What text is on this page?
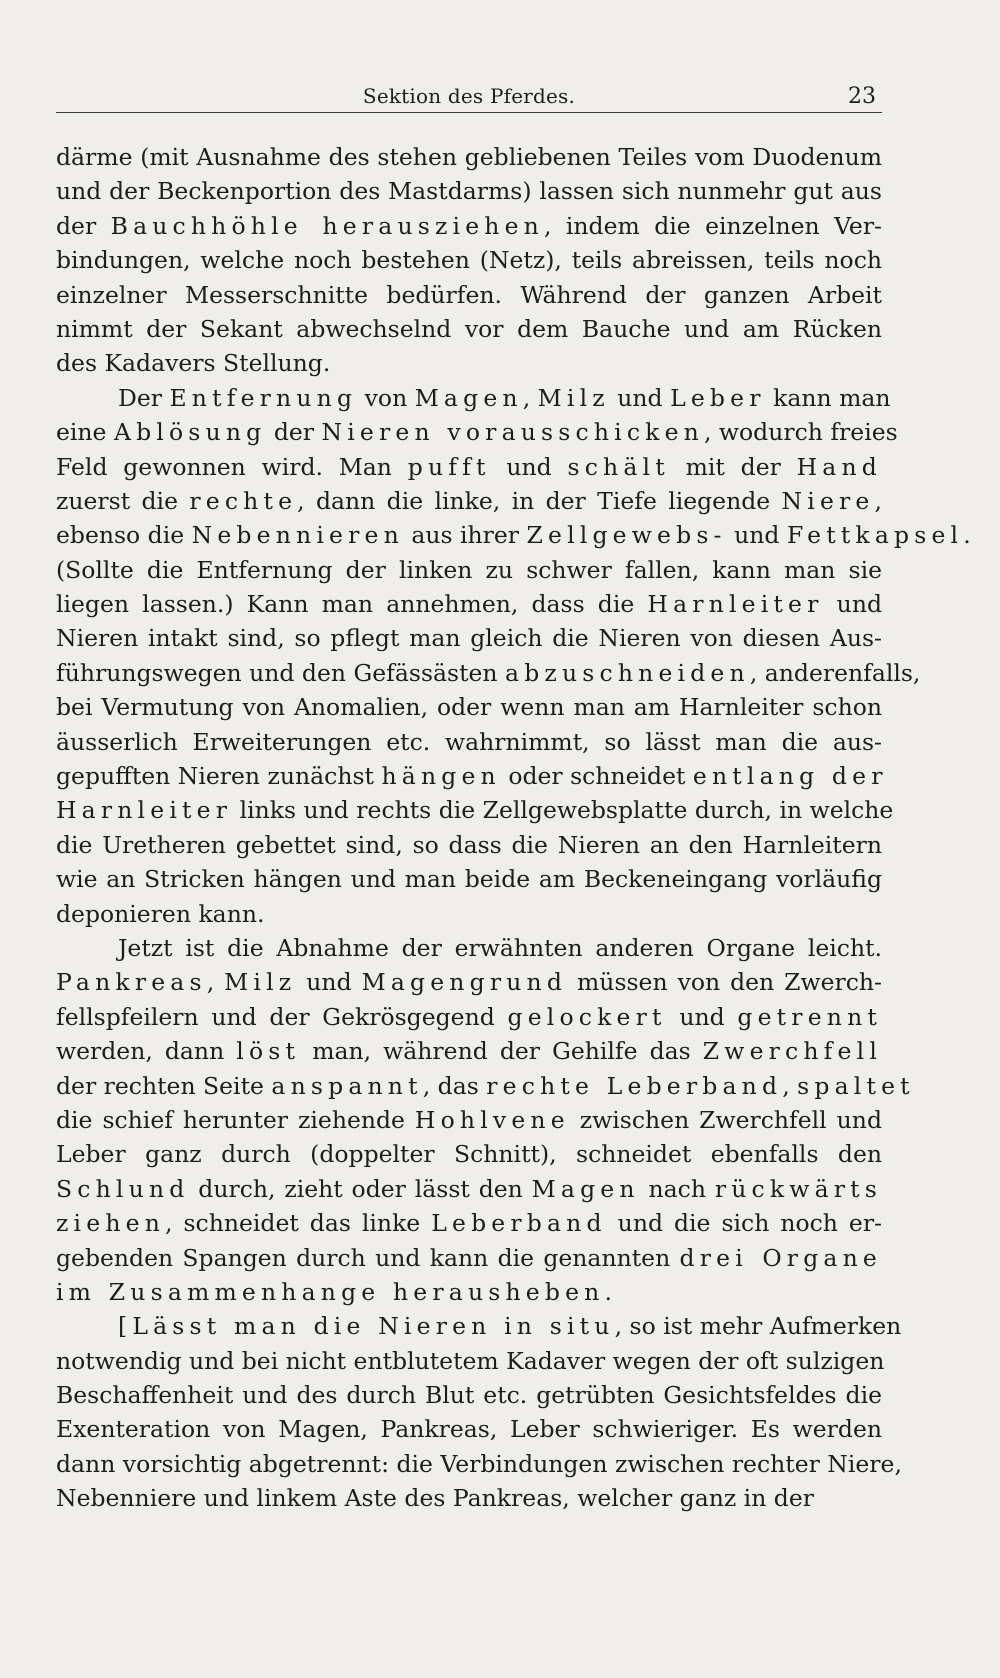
Sektion des Pferdes.	23
därme (mit Ausnahme des stehen gebliebenen Teiles vom Duodenum
und der Beckenportion des Mastdarms) lassen sich nunmehr gut aus
der Bauchhöhle herausziehen, indem die einzelnen Ver-
bindungen, welche noch bestehen (Netz), teils abreissen, teils noch
einzelner Messerschnitte bedürfen. Während der ganzen Arbeit
nimmt der Sekant abwechselnd vor dem Bauche und am Rücken
des Kadavers Stellung.
Der Entfernung von Magen, Milz und Leber kann man
eine Ablösung der Nieren vorausschicken, wodurch freies
Feld gewonnen wird. Man pufft und schält mit der Hand
zuerst die rechte, dann die linke, in der Tiefe liegende Niere,
ebenso die Nebennieren aus ihrer Zellgewebs- und Fettkapsel.
(Sollte die Entfernung der linken zu schwer fallen, kann man sie
liegen lassen.) Kann man annehmen, dass die Harnleiter und
Nieren intakt sind, so pflegt man gleich die Nieren von diesen Aus-
führungswegen und den Gefässästen abzuschneiden, anderenfalls,
bei Vermutung von Anomalien, oder wenn man am Harnleiter schon
äusserlich Erweiterungen etc. wahrnimmt, so lässt man die aus-
gepufften Nieren zunächst hängen oder schneidet entlang der
Harnleiter links und rechts die Zellgewebsplatte durch, in welche
die Uretheren gebettet sind, so dass die Nieren an den Harnleitern
wie an Stricken hängen und man beide am Beckeneingang vorläufig
deponieren kann.
Jetzt ist die Abnahme der erwähnten anderen Organe leicht.
Pankreas, Milz und Magengrund müssen von den Zwerch-
fellspfeilern und der Gekrösgegend gelockert und getrennt
werden, dann löst man, während der Gehilfe das Zwerchfell
der rechten Seite anspannt, das rechte Leberband, spaltet
die schief herunter ziehende Hohlvene zwischen Zwerchfell und
Leber ganz durch (doppelter Schnitt), schneidet ebenfalls den
Schlund durch, zieht oder lässt den Magen nach rückwärts
ziehen, schneidet das linke Leberband und die sich noch er-
gebenden Spangen durch und kann die genannten drei Organe
im Zusammenhange herausheben.
[Lässt man die Nieren in situ, so ist mehr Aufmerken
notwendig und bei nicht entblutetem Kadaver wegen der oft sulzigen
Beschaffenheit und des durch Blut etc. getrübten Gesichtsfeldes die
Exenteration von Magen, Pankreas, Leber schwieriger. Es werden
dann vorsichtig abgetrennt: die Verbindungen zwischen rechter Niere,
Nebenniere und linkem Aste des Pankreas, welcher ganz in der
